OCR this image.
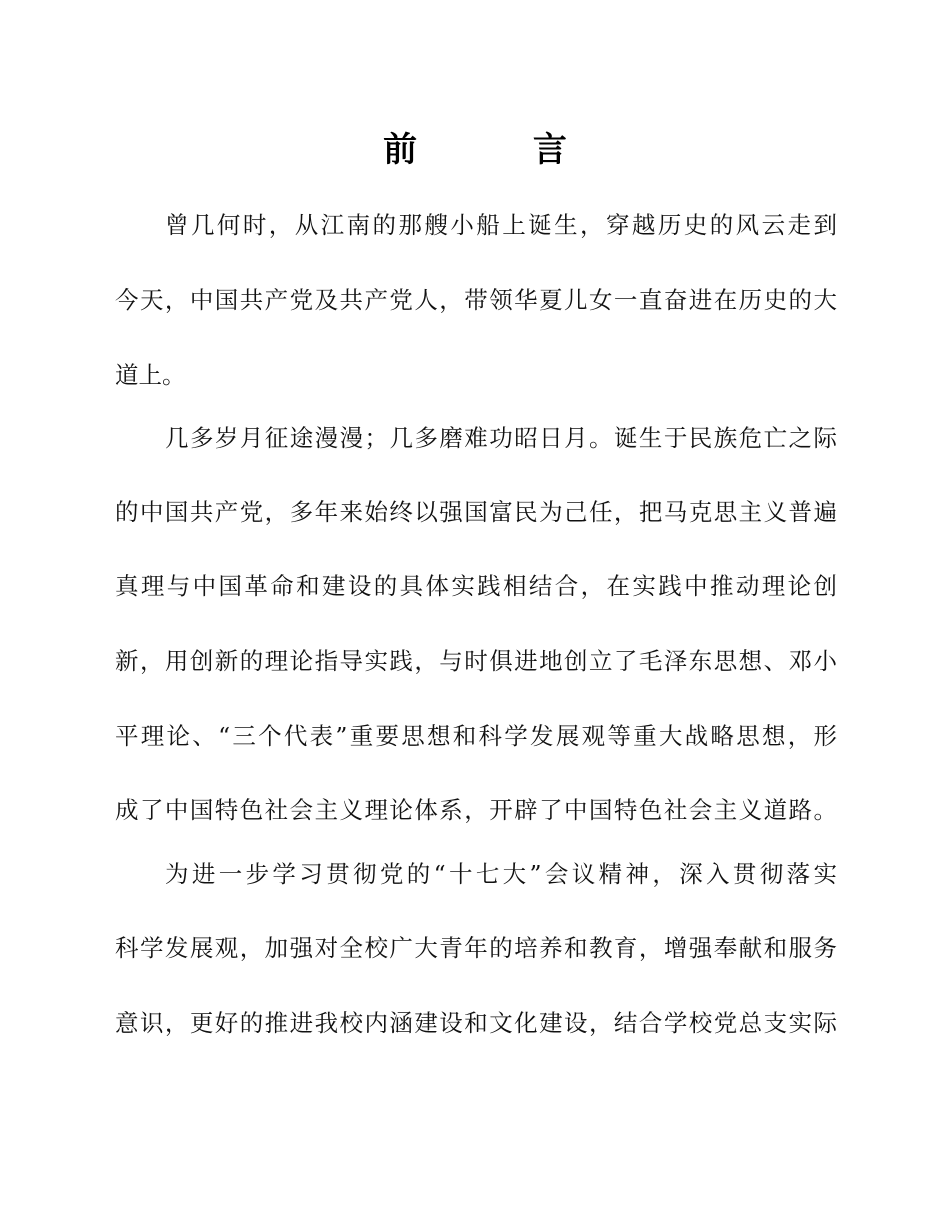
前 言
曾几何时，从江南的那艘小船上诞生，穿越历史的风云走到
今天，中国共产党及共产党人，带领华夏儿女一直奋进在历史的大
道上。
几多岁月征途漫漫；几多磨难功昭日月。诞生于民族危亡之际
的中国共产党，多年来始终以强国富民为己任，把马克思主义普遍
真理与中国革命和建设的具体实践相结合，在实践中推动理论创
新，用创新的理论指导实践，与时俱进地创立了毛泽东思想、邓小
平理论、“三个代表”重要思想和科学发展观等重大战略思想，形
成了中国特色社会主义理论体系，开辟了中国特色社会主义道路。
为进一步学习贯彻党的“十七大”会议精神，深入贯彻落实
科学发展观，加强对全校广大青年的培养和教育，增强奉献和服务
意识，更好的推进我校内涵建设和文化建设，结合学校党总支实际
